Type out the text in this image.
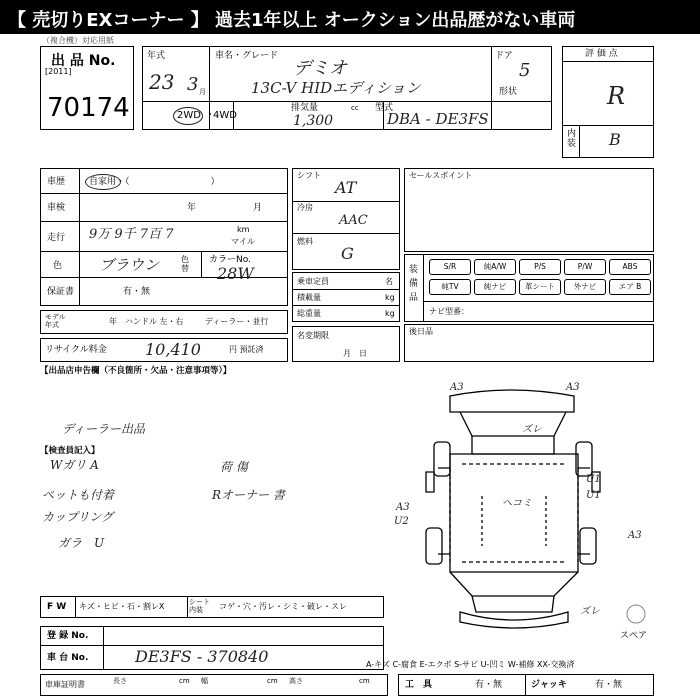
【 売切りEXコーナー 】 過去1年以上 オークション出品歴がない車両
（複合機）対応用紙
出 品 No.
[2011]
70174
年式
23 3 月
車名・グレード
デミオ
13C-V HIDエディション
ドア
5
形状
2WD ・
4WD
排気量	cc
1,300
型式
DBA - DE3FS
評 価 点
R
内装 B
車歴	自家用・（　　　　　　　　　）
車検	年	月
走行 9万 9千 7百 7	km
マイル
色 ブラウン	色替
カラーNo.
28W
保証書	有・無
モデル年式	年 ハンドル 左・右	ディーラー・並行
リサイクル料金 10,410	円 預託済
シフト
AT
冷房
AAC
燃料
G
乗車定員	名
積載量	kg
総重量	kg
名変期限
月　日
セールスポイント
装備品
ナビ型番：
S/R	純A/W	P/S	P/W	ABS
純TV	純ナビ	革シート	外ナビ	エア B
後日品
【出品店申告欄（不良箇所・欠品・注意事項等）】
ディーラー出品
【検査員記入】
Wガリ A
ペットも付着
カップリング
ガラ　U
荷 傷
Rオーナー 書
A3	A3
U2
A3
A3
U1
U1
ヘコミ
ズレ
ズレ
スペア
F W キズ・ヒビ・石・割レX	シート内装	コゲ・穴・汚レ・シミ・破レ・スレ
登 録 No.
車 台 No.	DE3FS - 370840	A-キズ C-腐食 E-エクボ S-サビ U-凹ミ W-補修 XX-交換済
車庫証明書	長さ	cm 幅	cm 高さ	cm	工　具	有・無	ジャッキ	有・無
